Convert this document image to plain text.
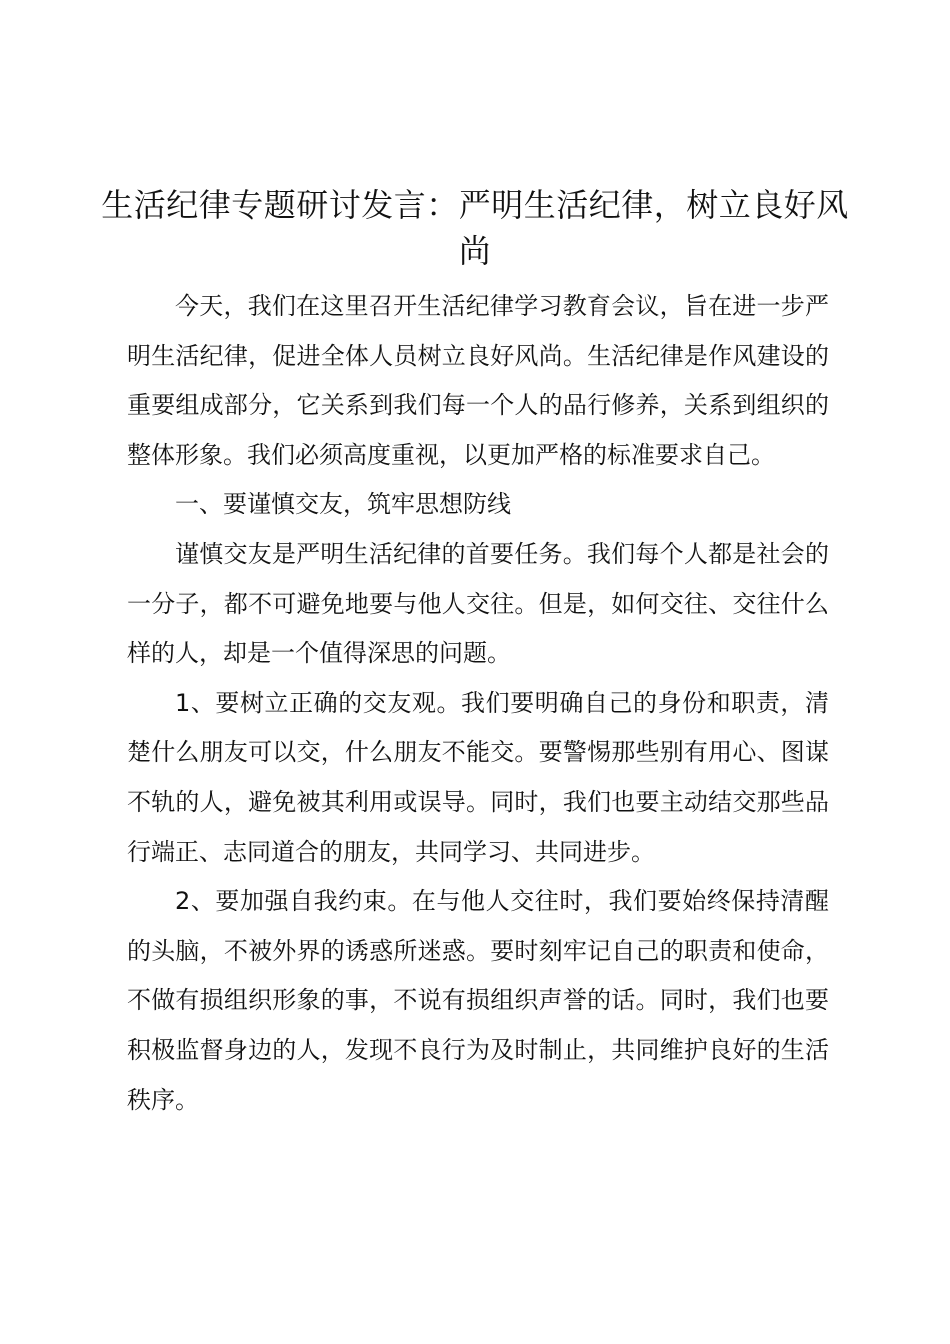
生活纪律专题研讨发言：严明生活纪律，树立良好风尚

今天，我们在这里召开生活纪律学习教育会议，旨在进一步严明生活纪律，促进全体人员树立良好风尚。生活纪律是作风建设的重要组成部分，它关系到我们每一个人的品行修养，关系到组织的整体形象。我们必须高度重视，以更加严格的标准要求自己。

一、要谨慎交友，筑牢思想防线

谨慎交友是严明生活纪律的首要任务。我们每个人都是社会的一分子，都不可避免地要与他人交往。但是，如何交往、交往什么样的人，却是一个值得深思的问题。

1、要树立正确的交友观。我们要明确自己的身份和职责，清楚什么朋友可以交，什么朋友不能交。要警惕那些别有用心、图谋不轨的人，避免被其利用或误导。同时，我们也要主动结交那些品行端正、志同道合的朋友，共同学习、共同进步。

2、要加强自我约束。在与他人交往时，我们要始终保持清醒的头脑，不被外界的诱惑所迷惑。要时刻牢记自己的职责和使命，不做有损组织形象的事，不说有损组织声誉的话。同时，我们也要积极监督身边的人，发现不良行为及时制止，共同维护良好的生活秩序。
